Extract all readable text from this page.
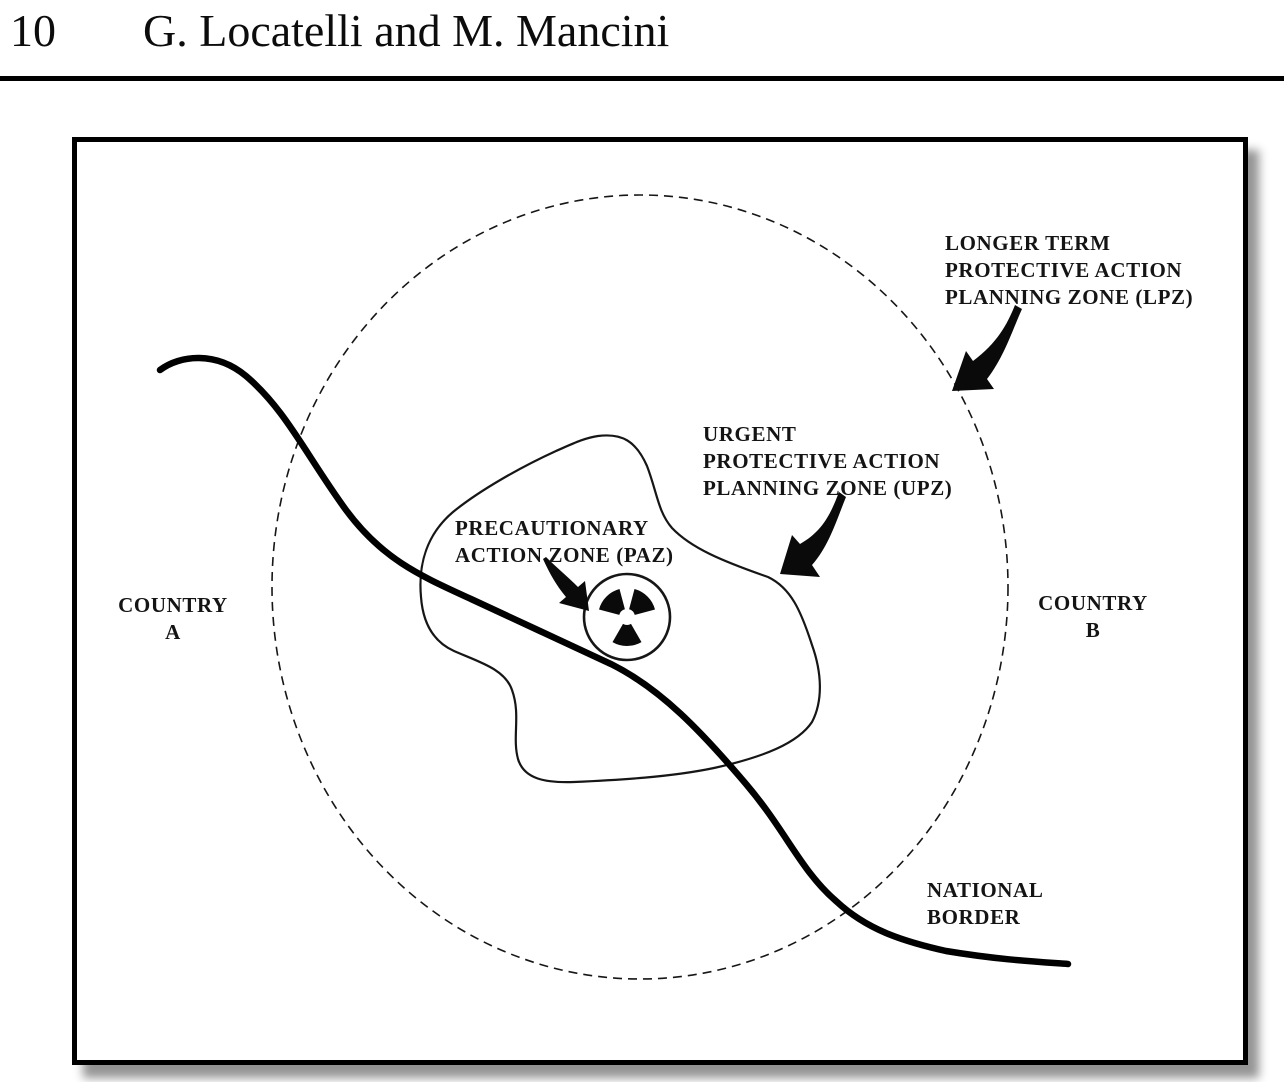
10 G. Locatelli and M. Mancini
LONGER TERM
PROTECTIVE ACTION
PLANNING ZONE (LPZ)
URGENT
PROTECTIVE ACTION
PLANNING ZONE (UPZ)
PRECAUTIONARY
ACTION ZONE (PAZ)
COUNTRY
A
COUNTRY
B
NATIONAL
BORDER
